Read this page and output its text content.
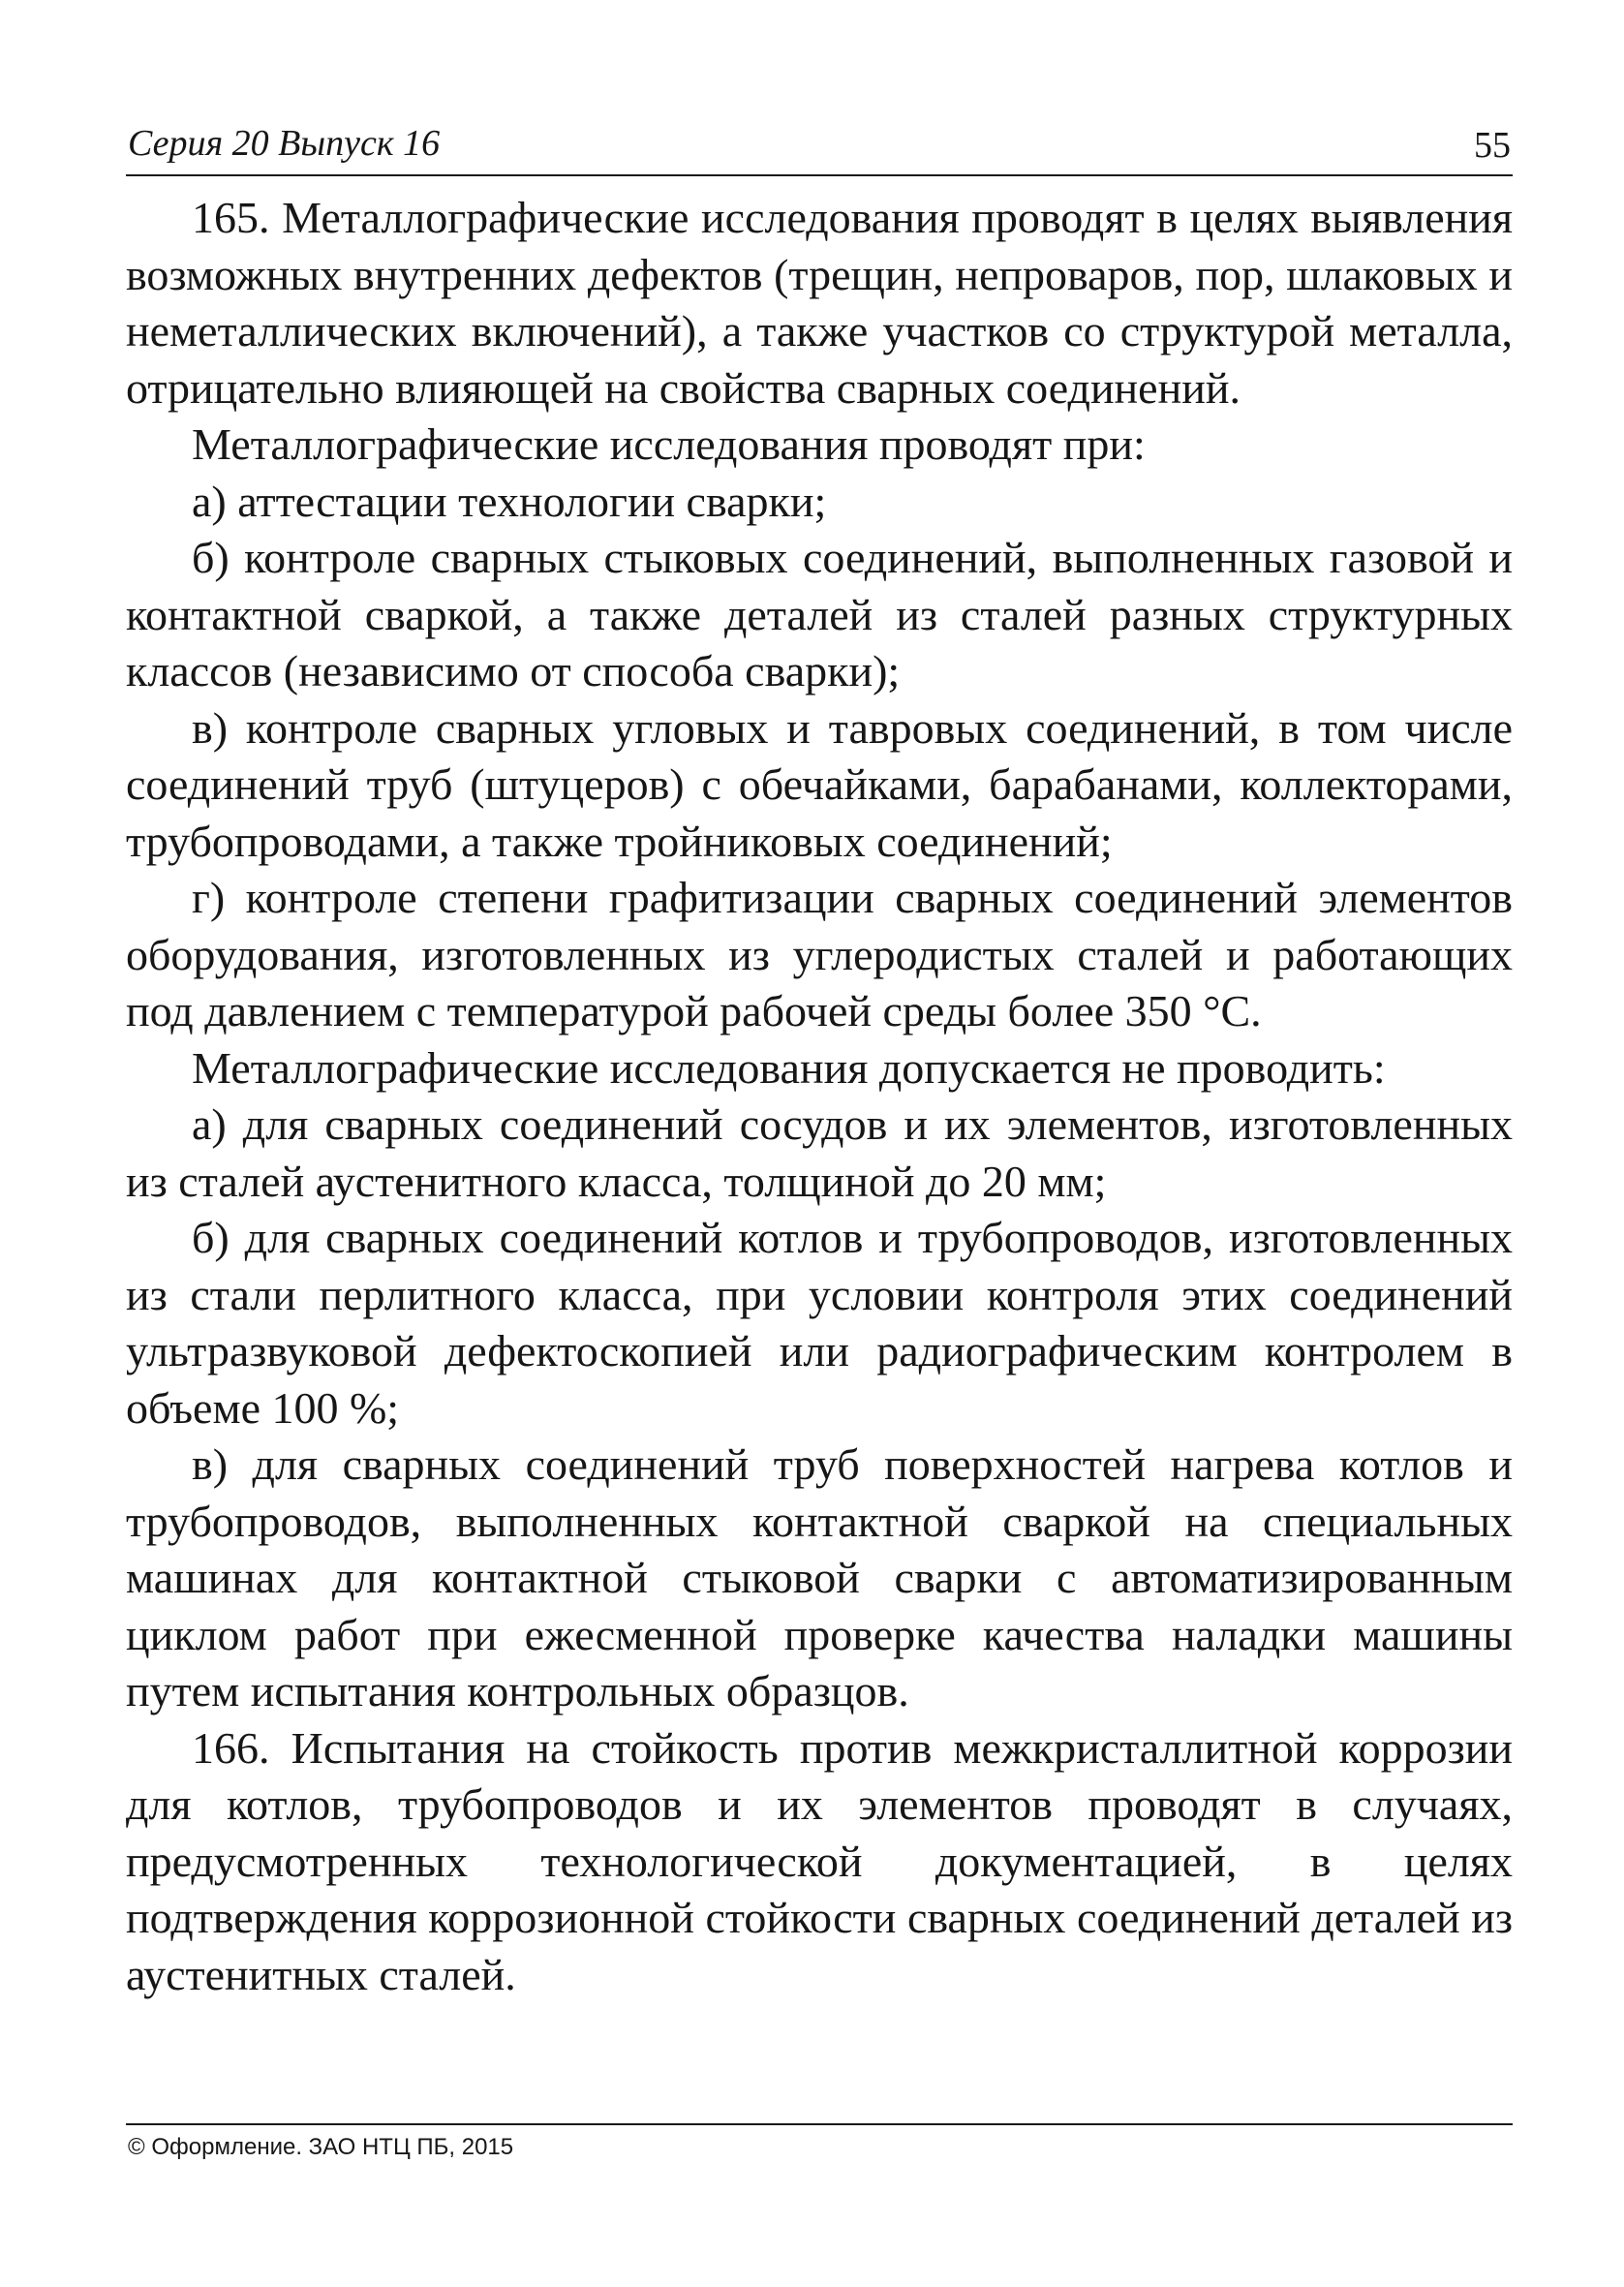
Серия 20 Выпуск 16	55

165. Металлографические исследования проводят в целях выявления возможных внутренних дефектов (трещин, непроваров, пор, шлаковых и неметаллических включений), а также участков со структурой металла, отрицательно влияющей на свойства сварных соединений.

Металлографические исследования проводят при:

а) аттестации технологии сварки;

б) контроле сварных стыковых соединений, выполненных газовой и контактной сваркой, а также деталей из сталей разных структурных классов (независимо от способа сварки);

в) контроле сварных угловых и тавровых соединений, в том числе соединений труб (штуцеров) с обечайками, барабанами, коллекторами, трубопроводами, а также тройниковых соединений;

г) контроле степени графитизации сварных соединений элементов оборудования, изготовленных из углеродистых сталей и работающих под давлением с температурой рабочей среды более 350 °С.

Металлографические исследования допускается не проводить:

а) для сварных соединений сосудов и их элементов, изготовленных из сталей аустенитного класса, толщиной до 20 мм;

б) для сварных соединений котлов и трубопроводов, изготовленных из стали перлитного класса, при условии контроля этих соединений ультразвуковой дефектоскопией или радиографическим контролем в объеме 100 %;

в) для сварных соединений труб поверхностей нагрева котлов и трубопроводов, выполненных контактной сваркой на специальных машинах для контактной стыковой сварки с автоматизированным циклом работ при ежесменной проверке качества наладки машины путем испытания контрольных образцов.

166. Испытания на стойкость против межкристаллитной коррозии для котлов, трубопроводов и их элементов проводят в случаях, предусмотренных технологической документацией, в целях подтверждения коррозионной стойкости сварных соединений деталей из аустенитных сталей.

© Оформление. ЗАО НТЦ ПБ, 2015
